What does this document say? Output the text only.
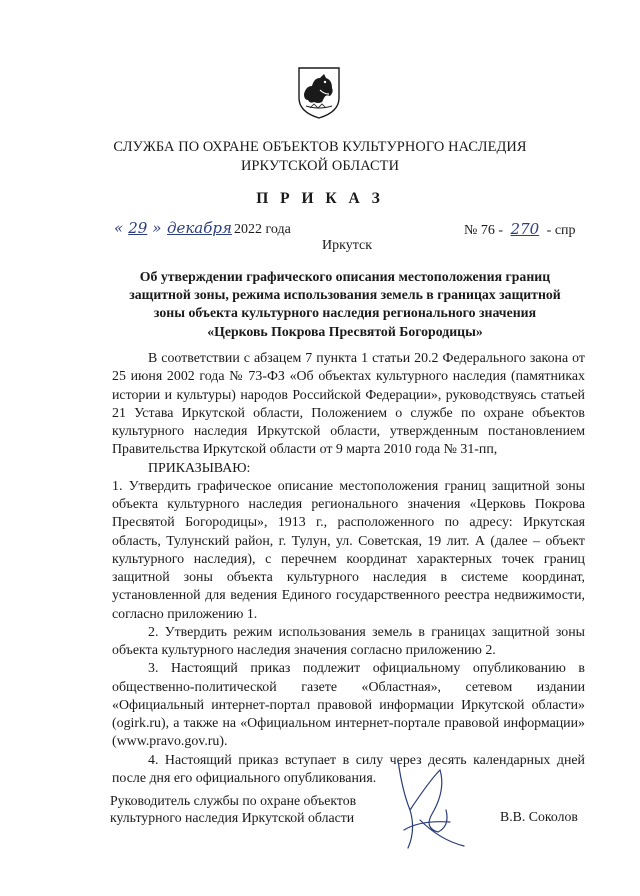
СЛУЖБА ПО ОХРАНЕ ОБЪЕКТОВ КУЛЬТУРНОГО НАСЛЕДИЯ
ИРКУТСКОЙ ОБЛАСТИ
П Р И К А З
« 29 » декабря 2022 года	№ 76 - 270 - спр
Иркутск
Об утверждении графического описания местоположения границ
защитной зоны, режима использования земель в границах защитной
зоны объекта культурного наследия регионального значения
«Церковь Покрова Пресвятой Богородицы»

В соответствии с абзацем 7 пункта 1 статьи 20.2 Федерального закона от 25 июня 2002 года № 73-ФЗ «Об объектах культурного наследия (памятниках истории и культуры) народов Российской Федерации», руководствуясь статьей 21 Устава Иркутской области, Положением о службе по охране объектов культурного наследия Иркутской области, утвержденным постановлением Правительства Иркутской области от 9 марта 2010 года № 31-пп,

ПРИКАЗЫВАЮ:

1. Утвердить графическое описание местоположения границ защитной зоны объекта культурного наследия регионального значения «Церковь Покрова Пресвятой Богородицы», 1913 г., расположенного по адресу: Иркутская область, Тулунский район, г. Тулун, ул. Советская, 19 лит. А (далее – объект культурного наследия), с перечнем координат характерных точек границ защитной зоны объекта культурного наследия в системе координат, установленной для ведения Единого государственного реестра недвижимости, согласно приложению 1.

2. Утвердить режим использования земель в границах защитной зоны объекта культурного наследия значения согласно приложению 2.

3. Настоящий приказ подлежит официальному опубликованию в общественно-политической газете «Областная», сетевом издании «Официальный интернет-портал правовой информации Иркутской области» (ogirk.ru), а также на «Официальном интернет-портале правовой информации» (www.pravo.gov.ru).

4. Настоящий приказ вступает в силу через десять календарных дней после дня его официального опубликования.

Руководитель службы по охране объектов
культурного наследия Иркутской области	В.В. Соколов
